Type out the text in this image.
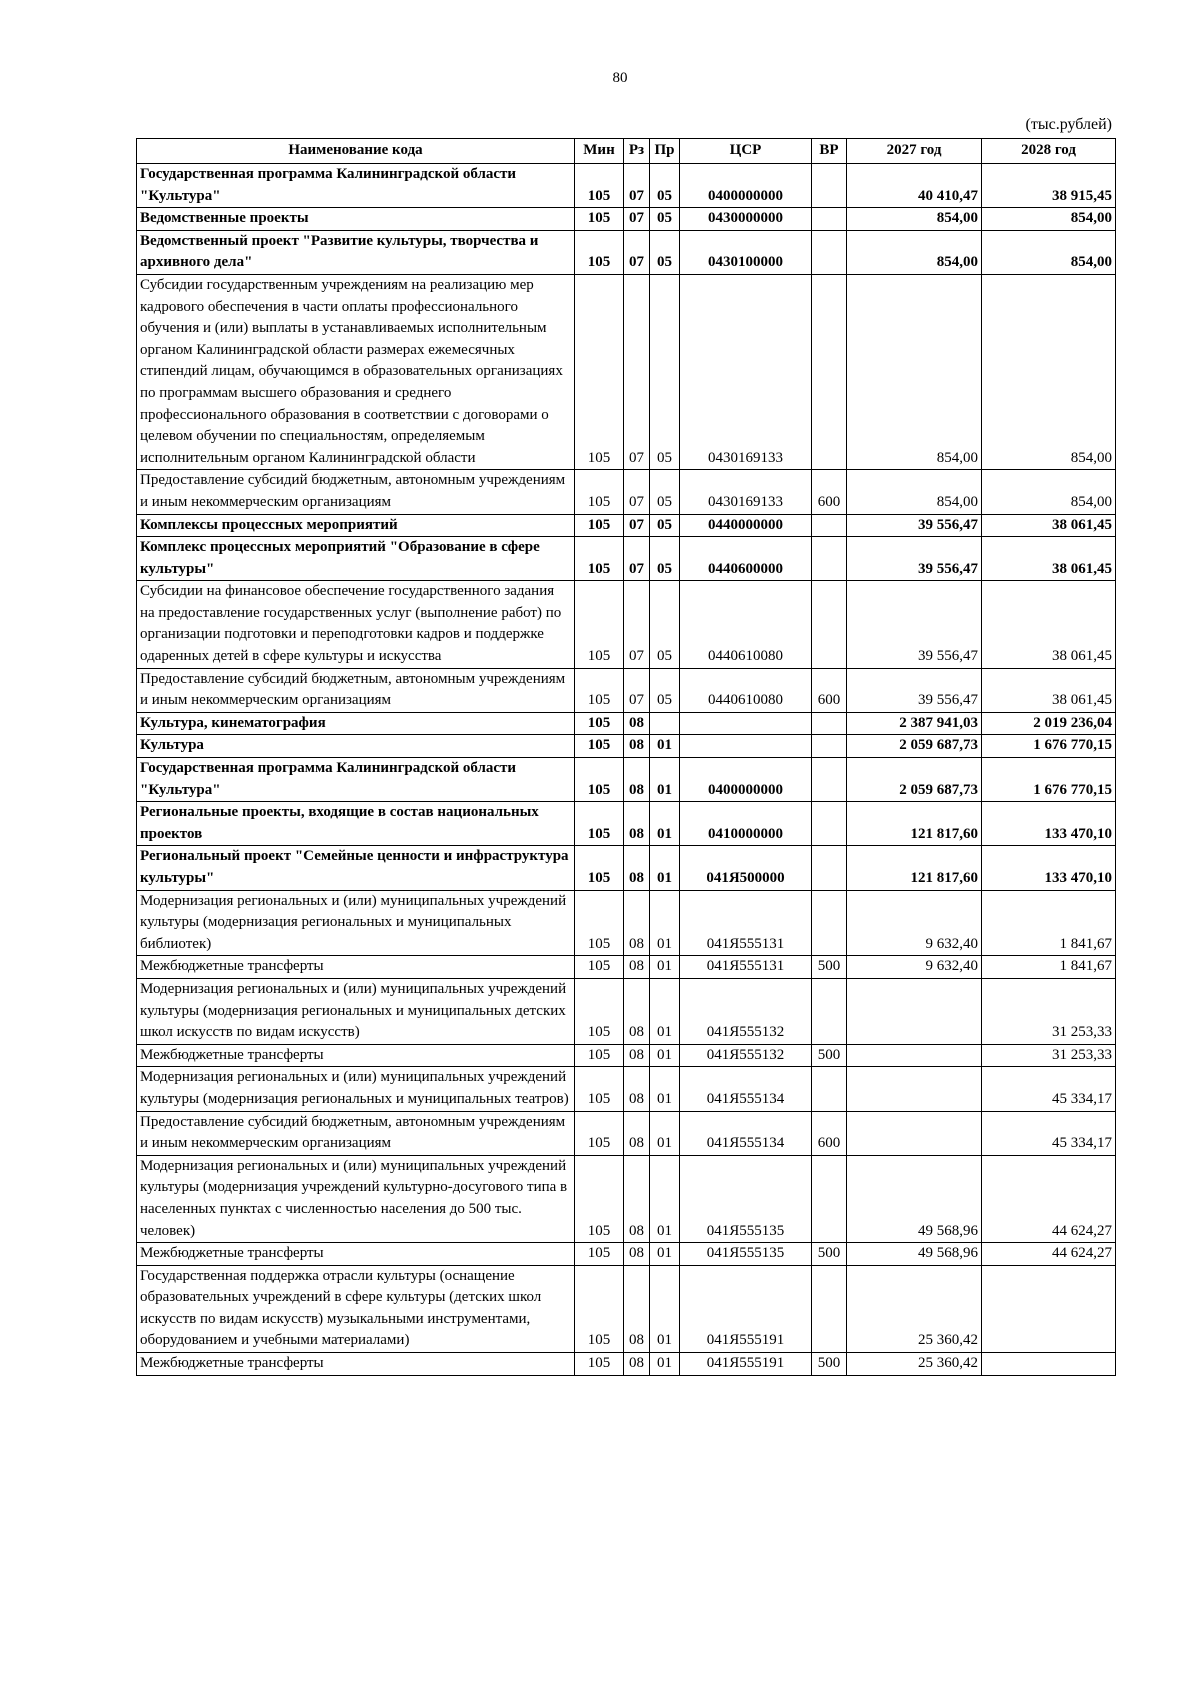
80
(тыс.рублей)
Наименование кода	Мин	Рз	Пр	ЦСР	ВР	2027 год	2028 год
Государственная программа Калининградской области "Культура"	105	07	05	0400000000		40 410,47	38 915,45
Ведомственные проекты	105	07	05	0430000000		854,00	854,00
Ведомственный проект "Развитие культуры, творчества и архивного дела"	105	07	05	0430100000		854,00	854,00
Субсидии государственным учреждениям на реализацию мер кадрового обеспечения в части оплаты профессионального обучения и (или) выплаты в устанавливаемых исполнительным органом Калининградской области размерах ежемесячных стипендий лицам, обучающимся в образовательных организациях по программам высшего образования и среднего профессионального образования в соответствии с договорами о целевом обучении по специальностям, определяемым исполнительным органом Калининградской области	105	07	05	0430169133		854,00	854,00
Предоставление субсидий бюджетным, автономным учреждениям и иным некоммерческим организациям	105	07	05	0430169133	600	854,00	854,00
Комплексы процессных мероприятий	105	07	05	0440000000		39 556,47	38 061,45
Комплекс процессных мероприятий "Образование в сфере культуры"	105	07	05	0440600000		39 556,47	38 061,45
Субсидии на финансовое обеспечение государственного задания на предоставление государственных услуг (выполнение работ) по организации подготовки и переподготовки кадров и поддержке одаренных детей в сфере культуры и искусства	105	07	05	0440610080		39 556,47	38 061,45
Предоставление субсидий бюджетным, автономным учреждениям и иным некоммерческим организациям	105	07	05	0440610080	600	39 556,47	38 061,45
Культура, кинематография	105	08				2 387 941,03	2 019 236,04
Культура	105	08	01			2 059 687,73	1 676 770,15
Государственная программа Калининградской области "Культура"	105	08	01	0400000000		2 059 687,73	1 676 770,15
Региональные проекты, входящие в состав национальных проектов	105	08	01	0410000000		121 817,60	133 470,10
Региональный проект "Семейные ценности и инфраструктура культуры"	105	08	01	041Я500000		121 817,60	133 470,10
Модернизация региональных и (или) муниципальных учреждений культуры (модернизация региональных и муниципальных библиотек)	105	08	01	041Я555131		9 632,40	1 841,67
Межбюджетные трансферты	105	08	01	041Я555131	500	9 632,40	1 841,67
Модернизация региональных и (или) муниципальных учреждений культуры (модернизация региональных и муниципальных детских школ искусств по видам искусств)	105	08	01	041Я555132			31 253,33
Межбюджетные трансферты	105	08	01	041Я555132	500		31 253,33
Модернизация региональных и (или) муниципальных учреждений культуры (модернизация региональных и муниципальных театров)	105	08	01	041Я555134			45 334,17
Предоставление субсидий бюджетным, автономным учреждениям и иным некоммерческим организациям	105	08	01	041Я555134	600		45 334,17
Модернизация региональных и (или) муниципальных учреждений культуры (модернизация учреждений культурно-досугового типа в населенных пунктах с численностью населения до 500 тыс. человек)	105	08	01	041Я555135		49 568,96	44 624,27
Межбюджетные трансферты	105	08	01	041Я555135	500	49 568,96	44 624,27
Государственная поддержка отрасли культуры (оснащение образовательных учреждений в сфере культуры (детских школ искусств по видам искусств) музыкальными инструментами, оборудованием и учебными материалами)	105	08	01	041Я555191		25 360,42	
Межбюджетные трансферты	105	08	01	041Я555191	500	25 360,42	
